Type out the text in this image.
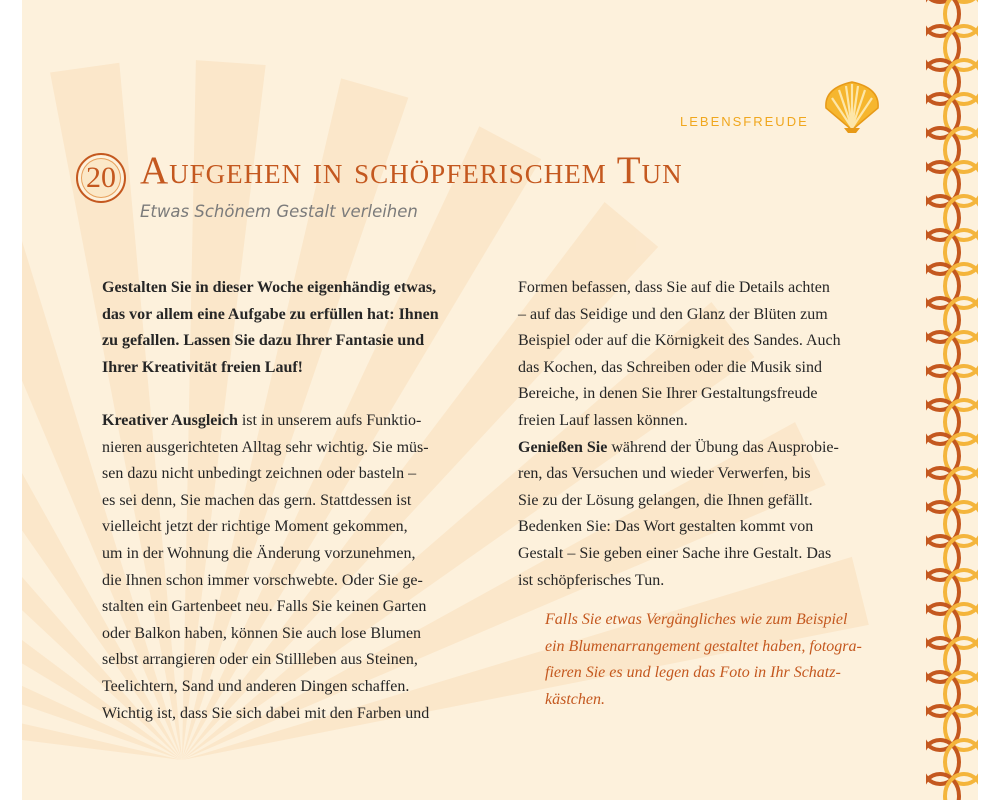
LEBENSFREUDE
20 Aufgehen in schöpferischem Tun
Etwas Schönem Gestalt verleihen
Gestalten Sie in dieser Woche eigenhändig etwas,
das vor allem eine Aufgabe zu erfüllen hat: Ihnen
zu gefallen. Lassen Sie dazu Ihrer Fantasie und
Ihrer Kreativität freien Lauf!
Kreativer Ausgleich ist in unserem aufs Funktio-
nieren ausgerichteten Alltag sehr wichtig. Sie müs-
sen dazu nicht unbedingt zeichnen oder basteln –
es sei denn, Sie machen das gern. Stattdessen ist
vielleicht jetzt der richtige Moment gekommen,
um in der Wohnung die Änderung vorzunehmen,
die Ihnen schon immer vorschwebte. Oder Sie ge-
stalten ein Gartenbeet neu. Falls Sie keinen Garten
oder Balkon haben, können Sie auch lose Blumen
selbst arrangieren oder ein Stillleben aus Steinen,
Teelichtern, Sand und anderen Dingen schaffen.
Wichtig ist, dass Sie sich dabei mit den Farben und
Formen befassen, dass Sie auf die Details achten
– auf das Seidige und den Glanz der Blüten zum
Beispiel oder auf die Körnigkeit des Sandes. Auch
das Kochen, das Schreiben oder die Musik sind
Bereiche, in denen Sie Ihrer Gestaltungsfreude
freien Lauf lassen können.
Genießen Sie während der Übung das Ausprobie-
ren, das Versuchen und wieder Verwerfen, bis
Sie zu der Lösung gelangen, die Ihnen gefällt.
Bedenken Sie: Das Wort gestalten kommt von
Gestalt – Sie geben einer Sache ihre Gestalt. Das
ist schöpferisches Tun.
Falls Sie etwas Vergängliches wie zum Beispiel
ein Blumenarrangement gestaltet haben, fotogra-
fieren Sie es und legen das Foto in Ihr Schatz-
kästchen.
